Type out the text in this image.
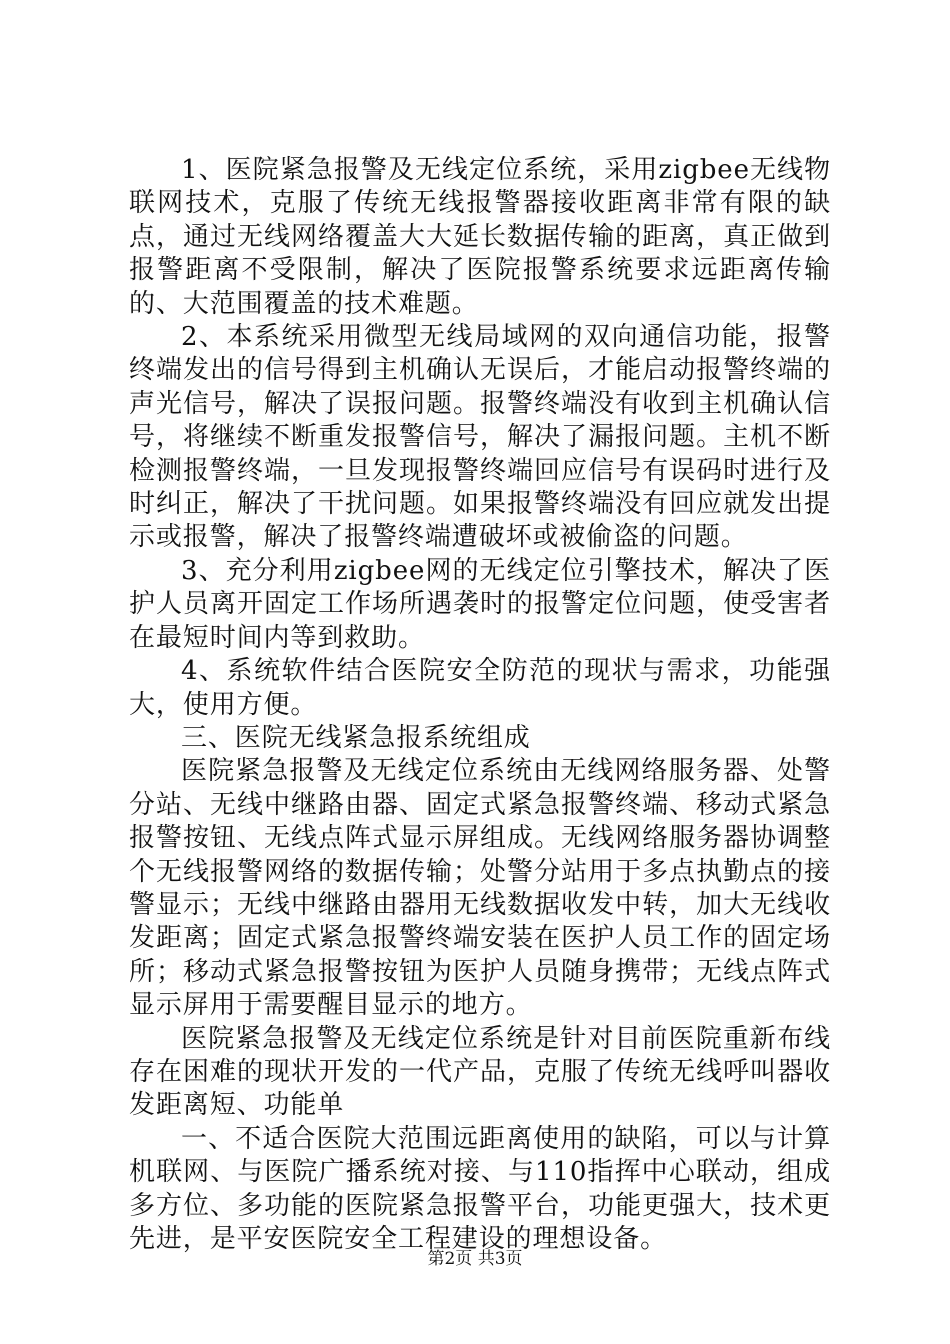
1、医院紧急报警及无线定位系统，采用zigbee无线物联网技术，克服了传统无线报警器接收距离非常有限的缺点，通过无线网络覆盖大大延长数据传输的距离，真正做到报警距离不受限制，解决了医院报警系统要求远距离传输的、大范围覆盖的技术难题。

2、本系统采用微型无线局域网的双向通信功能，报警终端发出的信号得到主机确认无误后，才能启动报警终端的声光信号，解决了误报问题。报警终端没有收到主机确认信号，将继续不断重发报警信号，解决了漏报问题。主机不断检测报警终端，一旦发现报警终端回应信号有误码时进行及时纠正，解决了干扰问题。如果报警终端没有回应就发出提示或报警，解决了报警终端遭破坏或被偷盗的问题。

3、充分利用zigbee网的无线定位引擎技术，解决了医护人员离开固定工作场所遇袭时的报警定位问题，使受害者在最短时间内等到救助。

4、系统软件结合医院安全防范的现状与需求，功能强大，使用方便。

三、医院无线紧急报系统组成

医院紧急报警及无线定位系统由无线网络服务器、处警分站、无线中继路由器、固定式紧急报警终端、移动式紧急报警按钮、无线点阵式显示屏组成。无线网络服务器协调整个无线报警网络的数据传输；处警分站用于多点执勤点的接警显示；无线中继路由器用无线数据收发中转，加大无线收发距离；固定式紧急报警终端安装在医护人员工作的固定场所；移动式紧急报警按钮为医护人员随身携带；无线点阵式显示屏用于需要醒目显示的地方。

医院紧急报警及无线定位系统是针对目前医院重新布线存在困难的现状开发的一代产品，克服了传统无线呼叫器收发距离短、功能单

一、不适合医院大范围远距离使用的缺陷，可以与计算机联网、与医院广播系统对接、与110指挥中心联动，组成多方位、多功能的医院紧急报警平台，功能更强大，技术更先进，是平安医院安全工程建设的理想设备。

第2页 共3页
